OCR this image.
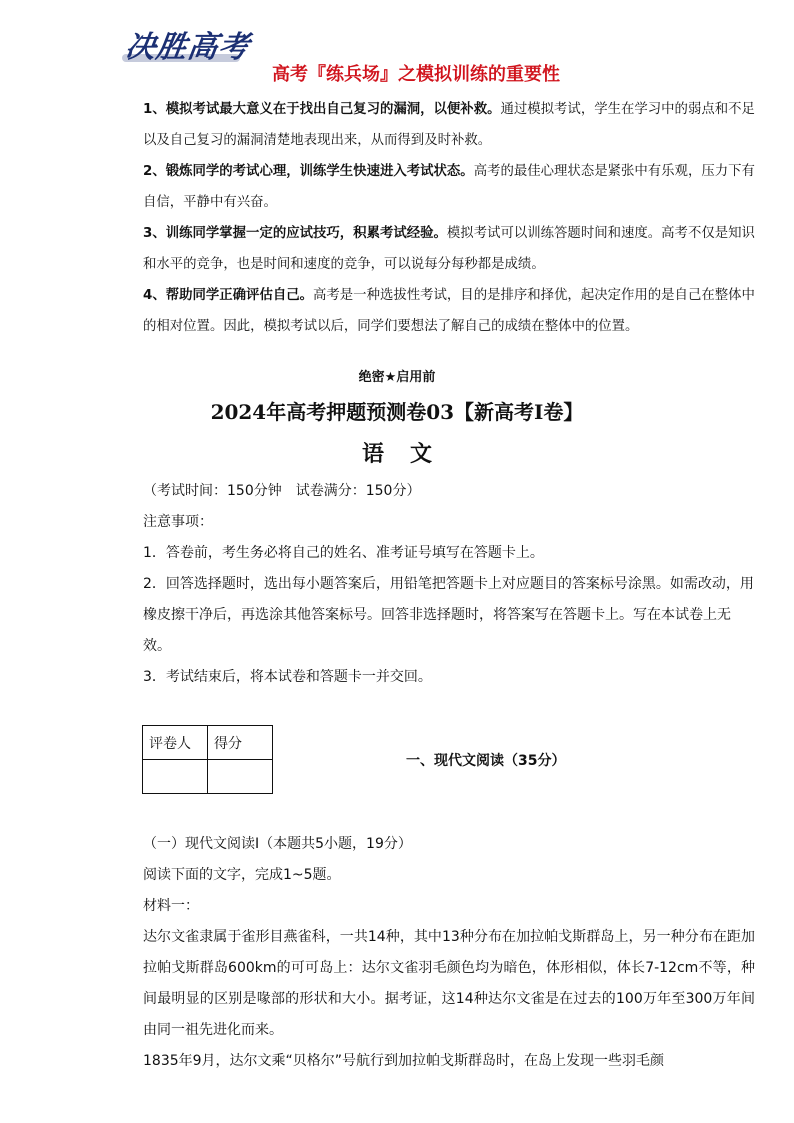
决胜高考
高考『练兵场』之模拟训练的重要性

1、模拟考试最大意义在于找出自己复习的漏洞，以便补救。通过模拟考试，学生在学习中的弱点和不足以及自己复习的漏洞清楚地表现出来，从而得到及时补救。

2、锻炼同学的考试心理，训练学生快速进入考试状态。高考的最佳心理状态是紧张中有乐观，压力下有自信，平静中有兴奋。

3、训练同学掌握一定的应试技巧，积累考试经验。模拟考试可以训练答题时间和速度。高考不仅是知识和水平的竞争，也是时间和速度的竞争，可以说每分每秒都是成绩。

4、帮助同学正确评估自己。高考是一种选拔性考试，目的是排序和择优，起决定作用的是自己在整体中的相对位置。因此，模拟考试以后，同学们要想法了解自己的成绩在整体中的位置。

绝密★启用前
2024年高考押题预测卷03【新高考I卷】
语文

（考试时间：150分钟　试卷满分：150分）

注意事项：

1．答卷前，考生务必将自己的姓名、准考证号填写在答题卡上。

2．回答选择题时，选出每小题答案后，用铅笔把答题卡上对应题目的答案标号涂黑。如需改动，用橡皮擦干净后，再选涂其他答案标号。回答非选择题时，将答案写在答题卡上。写在本试卷上无效。

3．考试结束后，将本试卷和答题卡一并交回。

评卷人	得分

一、现代文阅读（35分）

（一）现代文阅读I（本题共5小题，19分）

阅读下面的文字，完成1~5题。

材料一：

达尔文雀隶属于雀形目燕雀科，一共14种，其中13种分布在加拉帕戈斯群岛上，另一种分布在距加拉帕戈斯群岛600km的可可岛上：达尔文雀羽毛颜色均为暗色，体形相似，体长7-12cm不等，种间最明显的区别是喙部的形状和大小。据考证，这14种达尔文雀是在过去的100万年至300万年间由同一祖先进化而来。

1835年9月，达尔文乘“贝格尔”号航行到加拉帕戈斯群岛时，在岛上发现一些羽毛颜
